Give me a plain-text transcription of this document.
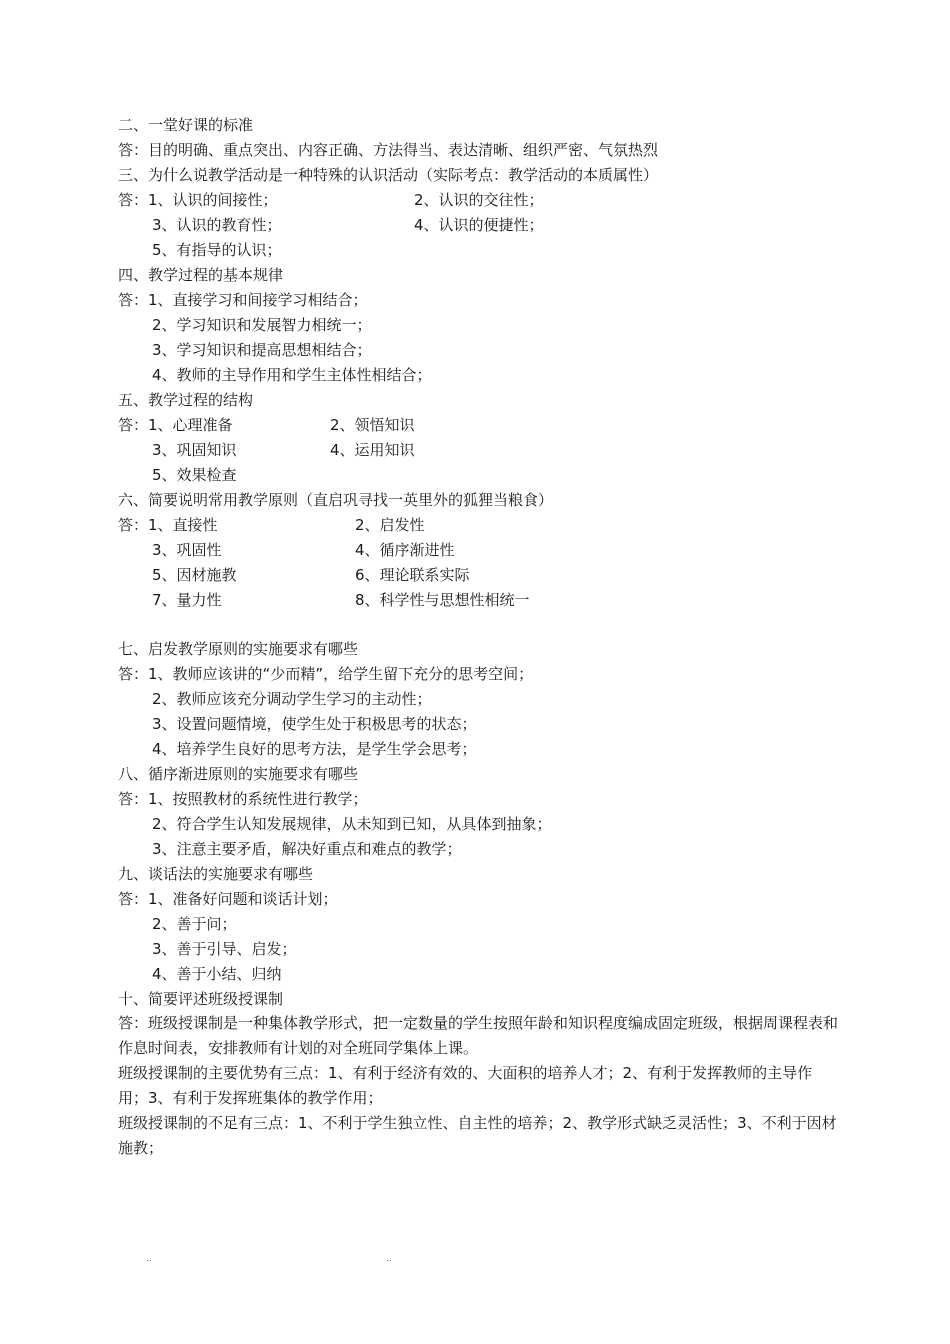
二、一堂好课的标准
答：目的明确、重点突出、内容正确、方法得当、表达清晰、组织严密、气氛热烈
三、为什么说教学活动是一种特殊的认识活动（实际考点：教学活动的本质属性）
答：1、认识的间接性；	2、认识的交往性；
3、认识的教育性；	4、认识的便捷性；
5、有指导的认识；
四、教学过程的基本规律
答：1、直接学习和间接学习相结合；
2、学习知识和发展智力相统一；
3、学习知识和提高思想相结合；
4、教师的主导作用和学生主体性相结合；
五、教学过程的结构
答：1、心理准备	2、领悟知识
3、巩固知识	4、运用知识
5、效果检查
六、简要说明常用教学原则（直启巩寻找一英里外的狐狸当粮食）
答：1、直接性	2、启发性
3、巩固性	4、循序渐进性
5、因材施教	6、理论联系实际
7、量力性	8、科学性与思想性相统一
七、启发教学原则的实施要求有哪些
答：1、教师应该讲的“少而精”，给学生留下充分的思考空间；
2、教师应该充分调动学生学习的主动性；
3、设置问题情境，使学生处于积极思考的状态；
4、培养学生良好的思考方法，是学生学会思考；
八、循序渐进原则的实施要求有哪些
答：1、按照教材的系统性进行教学；
2、符合学生认知发展规律，从未知到已知，从具体到抽象；
3、注意主要矛盾，解决好重点和难点的教学；
九、谈话法的实施要求有哪些
答：1、准备好问题和谈话计划；
2、善于问；
3、善于引导、启发；
4、善于小结、归纳
十、简要评述班级授课制
答：班级授课制是一种集体教学形式，把一定数量的学生按照年龄和知识程度编成固定班级，根据周课程表和作息时间表，安排教师有计划的对全班同学集体上课。
班级授课制的主要优势有三点：1、有利于经济有效的、大面积的培养人才；2、有利于发挥教师的主导作用；3、有利于发挥班集体的教学作用；
班级授课制的不足有三点：1、不利于学生独立性、自主性的培养；2、教学形式缺乏灵活性；3、不利于因材施教；
..	..
